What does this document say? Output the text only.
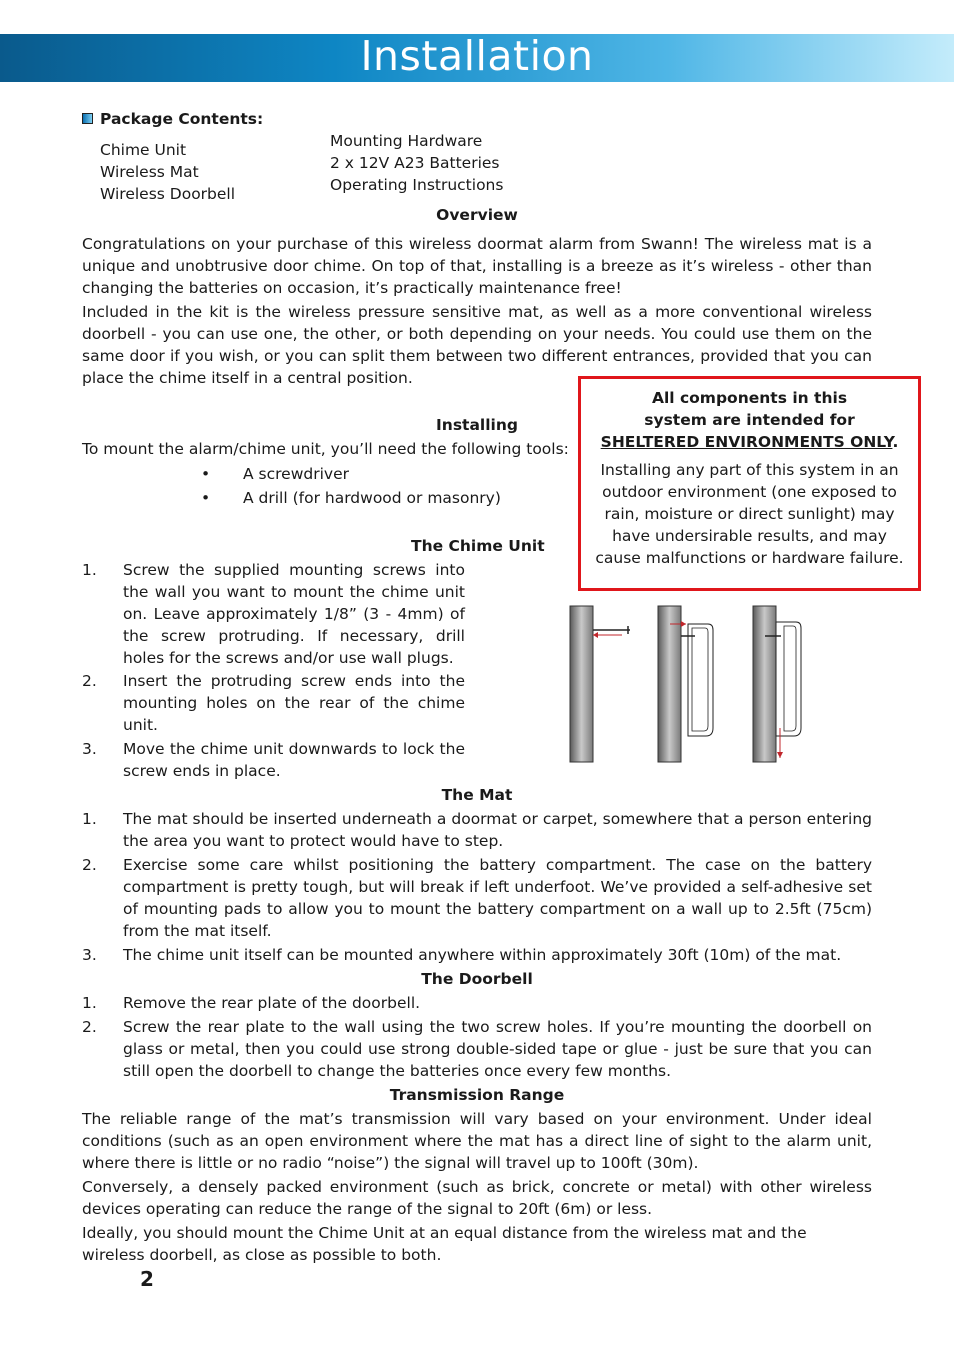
Installation
Package Contents:
Chime Unit
Wireless Mat
Wireless Doorbell
Mounting Hardware
2 x 12V A23 Batteries
Operating Instructions
Overview
Congratulations on your purchase of this wireless doormat alarm from Swann! The wireless mat is a unique and unobtrusive door chime. On top of that, installing is a breeze as it’s wireless - other than changing the batteries on occasion, it’s practically maintenance free!
Included in the kit is the wireless pressure sensitive mat, as well as a more conventional wireless doorbell - you can use one, the other, or both depending on your needs. You could use them on the same door if you wish, or you can split them between two different entrances, provided that you can place the chime itself in a central position.
All components in this
system are intended for
SHELTERED ENVIRONMENTS ONLY.
Installing any part of this system in an outdoor environment (one exposed to rain, moisture or direct sunlight) may have undersirable results, and may cause malfunctions or hardware failure.
Installing
To mount the alarm/chime unit, you’ll need the following tools:
• A screwdriver
• A drill (for hardwood or masonry)
The Chime Unit
1. Screw the supplied mounting screws into the wall you want to mount the chime unit on. Leave approximately 1/8” (3 - 4mm) of the screw protruding. If necessary, drill holes for the screws and/or use wall plugs.
2. Insert the protruding screw ends into the mounting holes on the rear of the chime unit.
3. Move the chime unit downwards to lock the screw ends in place.
The Mat
1. The mat should be inserted underneath a doormat or carpet, somewhere that a person entering the area you want to protect would have to step.
2. Exercise some care whilst positioning the battery compartment. The case on the battery compartment is pretty tough, but will break if left underfoot. We’ve provided a self-adhesive set of mounting pads to allow you to mount the battery compartment on a wall up to 2.5ft (75cm) from the mat itself.
3. The chime unit itself can be mounted anywhere within approximately 30ft (10m) of the mat.
The Doorbell
1. Remove the rear plate of the doorbell.
2. Screw the rear plate to the wall using the two screw holes. If you’re mounting the doorbell on glass or metal, then you could use strong double-sided tape or glue - just be sure that you can still open the doorbell to change the batteries once every few months.
Transmission Range
The reliable range of the mat’s transmission will vary based on your environment. Under ideal conditions (such as an open environment where the mat has a direct line of sight to the alarm unit, where there is little or no radio “noise”) the signal will travel up to 100ft (30m).
Conversely, a densely packed environment (such as brick, concrete or metal) with other wireless devices operating can reduce the range of the signal to 20ft (6m) or less.
Ideally, you should mount the Chime Unit at an equal distance from the wireless mat and the wireless doorbell, as close as possible to both.
2
